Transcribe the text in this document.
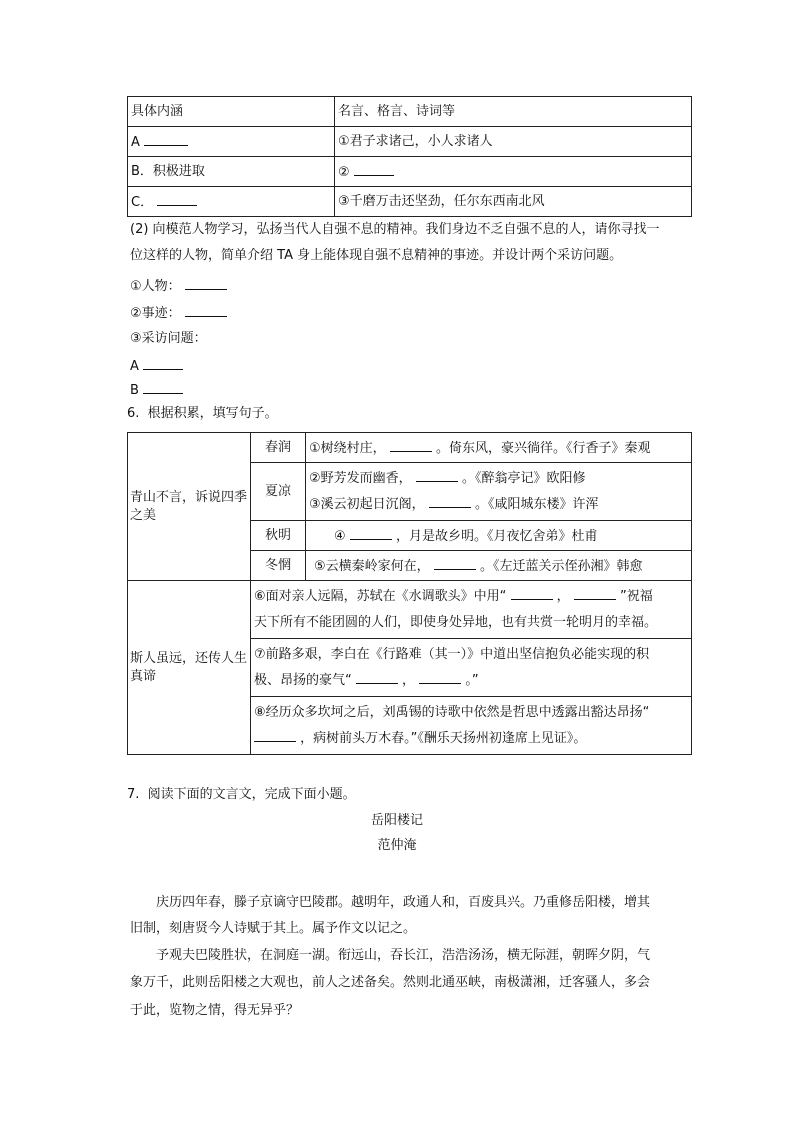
具体内涵	名言、格言、诗词等
A	①君子求诸己，小人求诸人
B．积极进取	②
C．	③千磨万击还坚劲，任尔东西南北风
(2) 向模范人物学习，弘扬当代人自强不息的精神。我们身边不乏自强不息的人，请你寻找一
位这样的人物，简单介绍 TA 身上能体现自强不息精神的事迹。并设计两个采访问题。
①人物：
②事迹：
③采访问题：
A
B
6.  根据积累，填写句子。
青山不言，诉说四季
之美	春润	①树绕村庄， 。倚东风，豪兴徜徉。《行香子》秦观
	夏凉	②野芳发而幽香， 。《醉翁亭记》欧阳修
③溪云初起日沉阁， 。《咸阳城东楼》许浑
	秋明	④ ，月是故乡明。《月夜忆舍弟》杜甫
	冬惘	⑤云横秦岭家何在， 。《左迁蓝关示侄孙湘》韩愈
斯人虽远，还传人生
真谛	⑥面对亲人远隔，苏轼在《水调歌头》中用“ ， ”祝福
天下所有不能团圆的人们，即使身处异地，也有共赏一轮明月的幸福。	
	⑦前路多艰，李白在《行路难（其一）》中道出坚信抱负必能实现的积
极、昂扬的豪气“ ， 。”	
	⑧经历众多坎坷之后，刘禹锡的诗歌中依然是哲思中透露出豁达昂扬“
，病树前头万木春。”《酬乐天扬州初逢席上见证》。	
7.  阅读下面的文言文，完成下面小题。
岳阳楼记
范仲淹
庆历四年春，滕子京谪守巴陵郡。越明年，政通人和，百废具兴。乃重修岳阳楼，增其
旧制，刻唐贤今人诗赋于其上。属予作文以记之。
予观夫巴陵胜状，在洞庭一湖。衔远山，吞长江，浩浩汤汤，横无际涯，朝晖夕阴，气
象万千，此则岳阳楼之大观也，前人之述备矣。然则北通巫峡，南极潇湘，迁客骚人，多会
于此，览物之情，得无异乎？
